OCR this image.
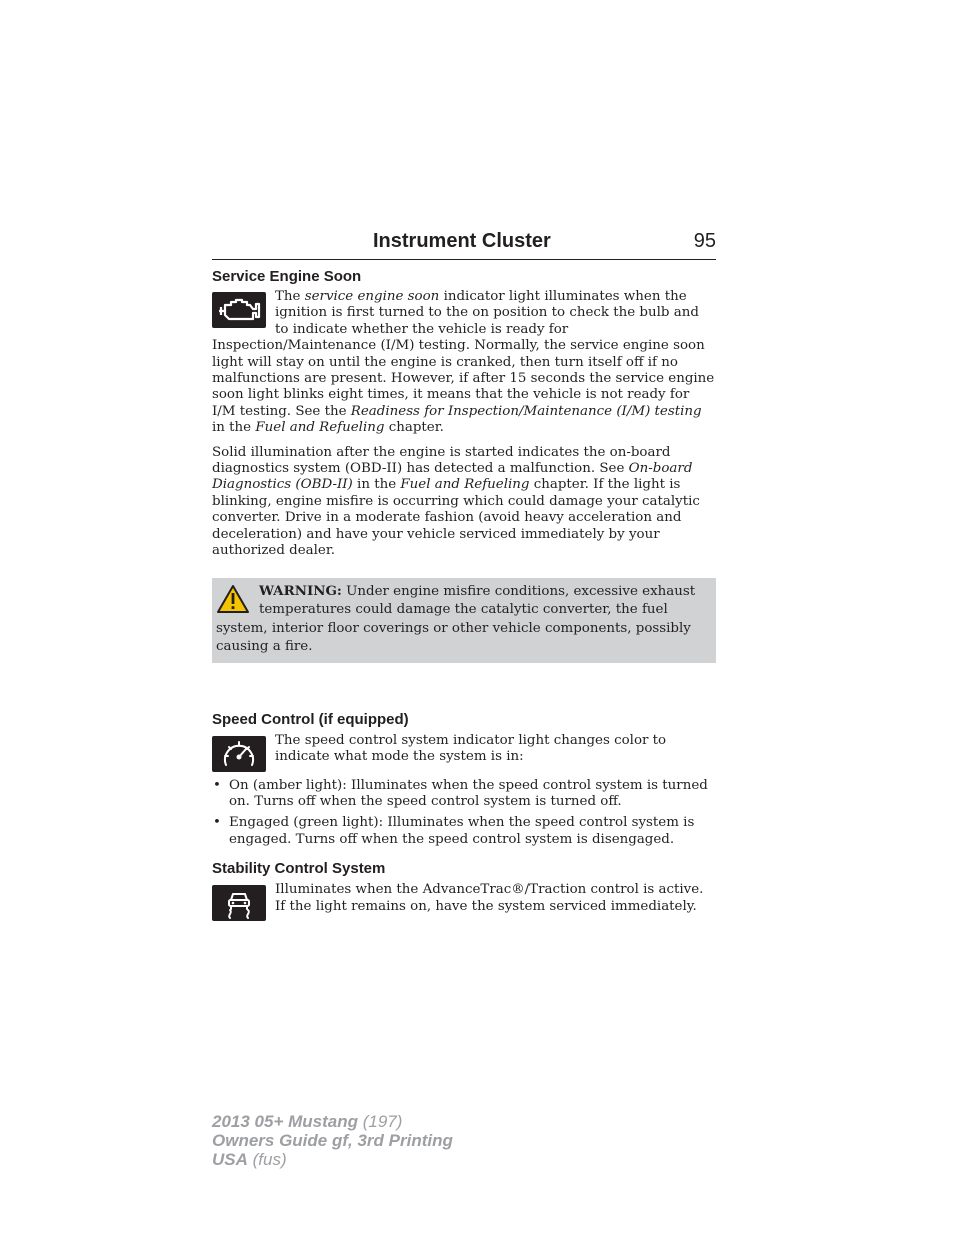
Instrument Cluster	95
Service Engine Soon

The service engine soon indicator light illuminates when the ignition is first turned to the on position to check the bulb and to indicate whether the vehicle is ready for Inspection/Maintenance (I/M) testing. Normally, the service engine soon light will stay on until the engine is cranked, then turn itself off if no malfunctions are present. However, if after 15 seconds the service engine soon light blinks eight times, it means that the vehicle is not ready for I/M testing. See the Readiness for Inspection/Maintenance (I/M) testing in the Fuel and Refueling chapter.

Solid illumination after the engine is started indicates the on-board diagnostics system (OBD-II) has detected a malfunction. See On-board Diagnostics (OBD-II) in the Fuel and Refueling chapter. If the light is blinking, engine misfire is occurring which could damage your catalytic converter. Drive in a moderate fashion (avoid heavy acceleration and deceleration) and have your vehicle serviced immediately by your authorized dealer.

WARNING: Under engine misfire conditions, excessive exhaust temperatures could damage the catalytic converter, the fuel system, interior floor coverings or other vehicle components, possibly causing a fire.
Speed Control (if equipped)

The speed control system indicator light changes color to indicate what mode the system is in:

• On (amber light): Illuminates when the speed control system is turned on. Turns off when the speed control system is turned off.
• Engaged (green light): Illuminates when the speed control system is engaged. Turns off when the speed control system is disengaged.
Stability Control System

Illuminates when the AdvanceTrac®/Traction control is active. If the light remains on, have the system serviced immediately.

2013 05+ Mustang (197)
Owners Guide gf, 3rd Printing
USA (fus)
